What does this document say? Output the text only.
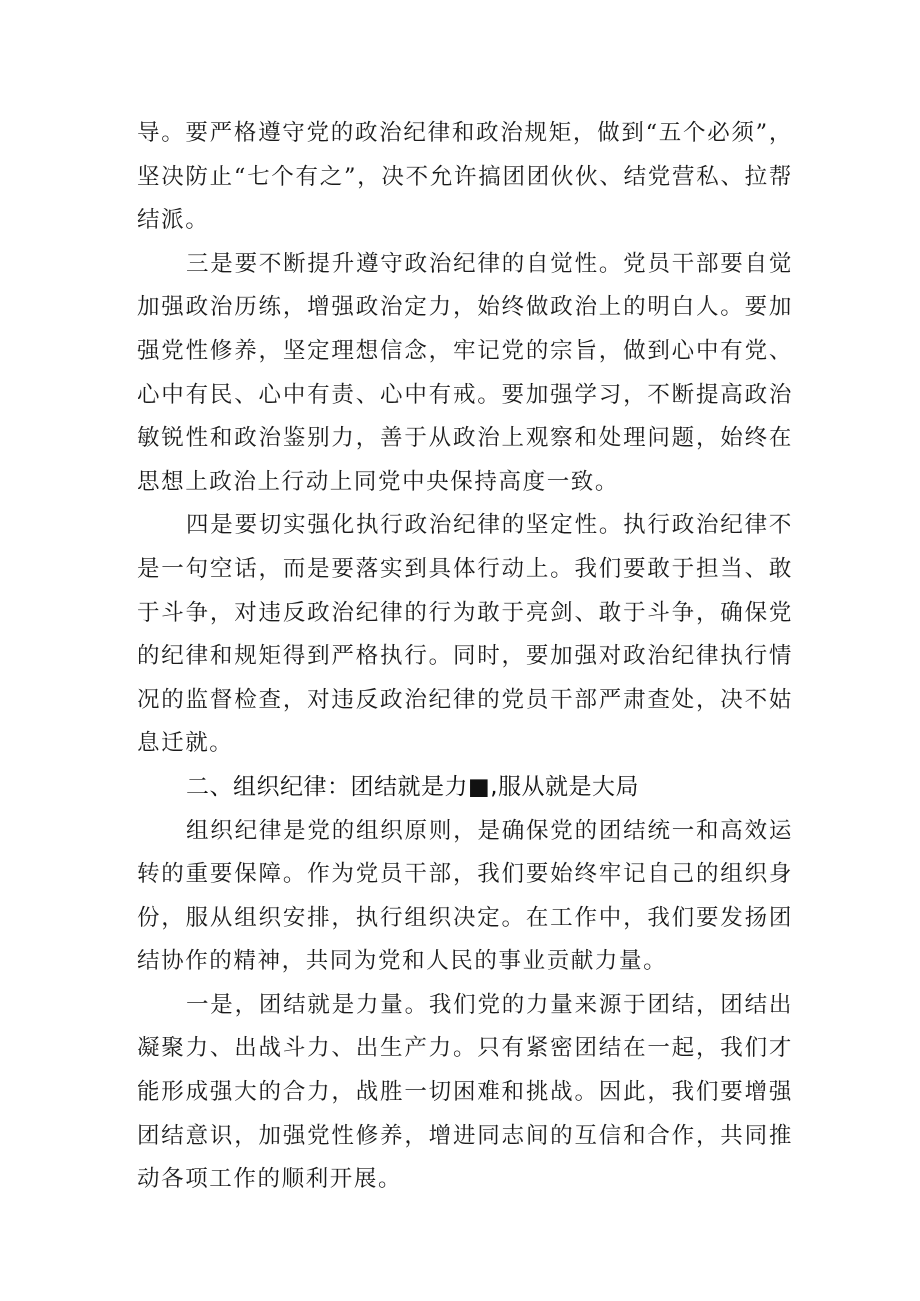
导。要严格遵守党的政治纪律和政治规矩，做到“五个必须”，坚决防止“七个有之”，决不允许搞团团伙伙、结党营私、拉帮结派。

三是要不断提升遵守政治纪律的自觉性。党员干部要自觉加强政治历练，增强政治定力，始终做政治上的明白人。要加强党性修养，坚定理想信念，牢记党的宗旨，做到心中有党、心中有民、心中有责、心中有戒。要加强学习，不断提高政治敏锐性和政治鉴别力，善于从政治上观察和处理问题，始终在思想上政治上行动上同党中央保持高度一致。

四是要切实强化执行政治纪律的坚定性。执行政治纪律不是一句空话，而是要落实到具体行动上。我们要敢于担当、敢于斗争，对违反政治纪律的行为敢于亮剑、敢于斗争，确保党的纪律和规矩得到严格执行。同时，要加强对政治纪律执行情况的监督检查，对违反政治纪律的党员干部严肃查处，决不姑息迁就。

二、组织纪律：团结就是力■,服从就是大局

组织纪律是党的组织原则，是确保党的团结统一和高效运转的重要保障。作为党员干部，我们要始终牢记自己的组织身份，服从组织安排，执行组织决定。在工作中，我们要发扬团结协作的精神，共同为党和人民的事业贡献力量。

一是，团结就是力量。我们党的力量来源于团结，团结出凝聚力、出战斗力、出生产力。只有紧密团结在一起，我们才能形成强大的合力，战胜一切困难和挑战。因此，我们要增强团结意识，加强党性修养，增进同志间的互信和合作，共同推动各项工作的顺利开展。
